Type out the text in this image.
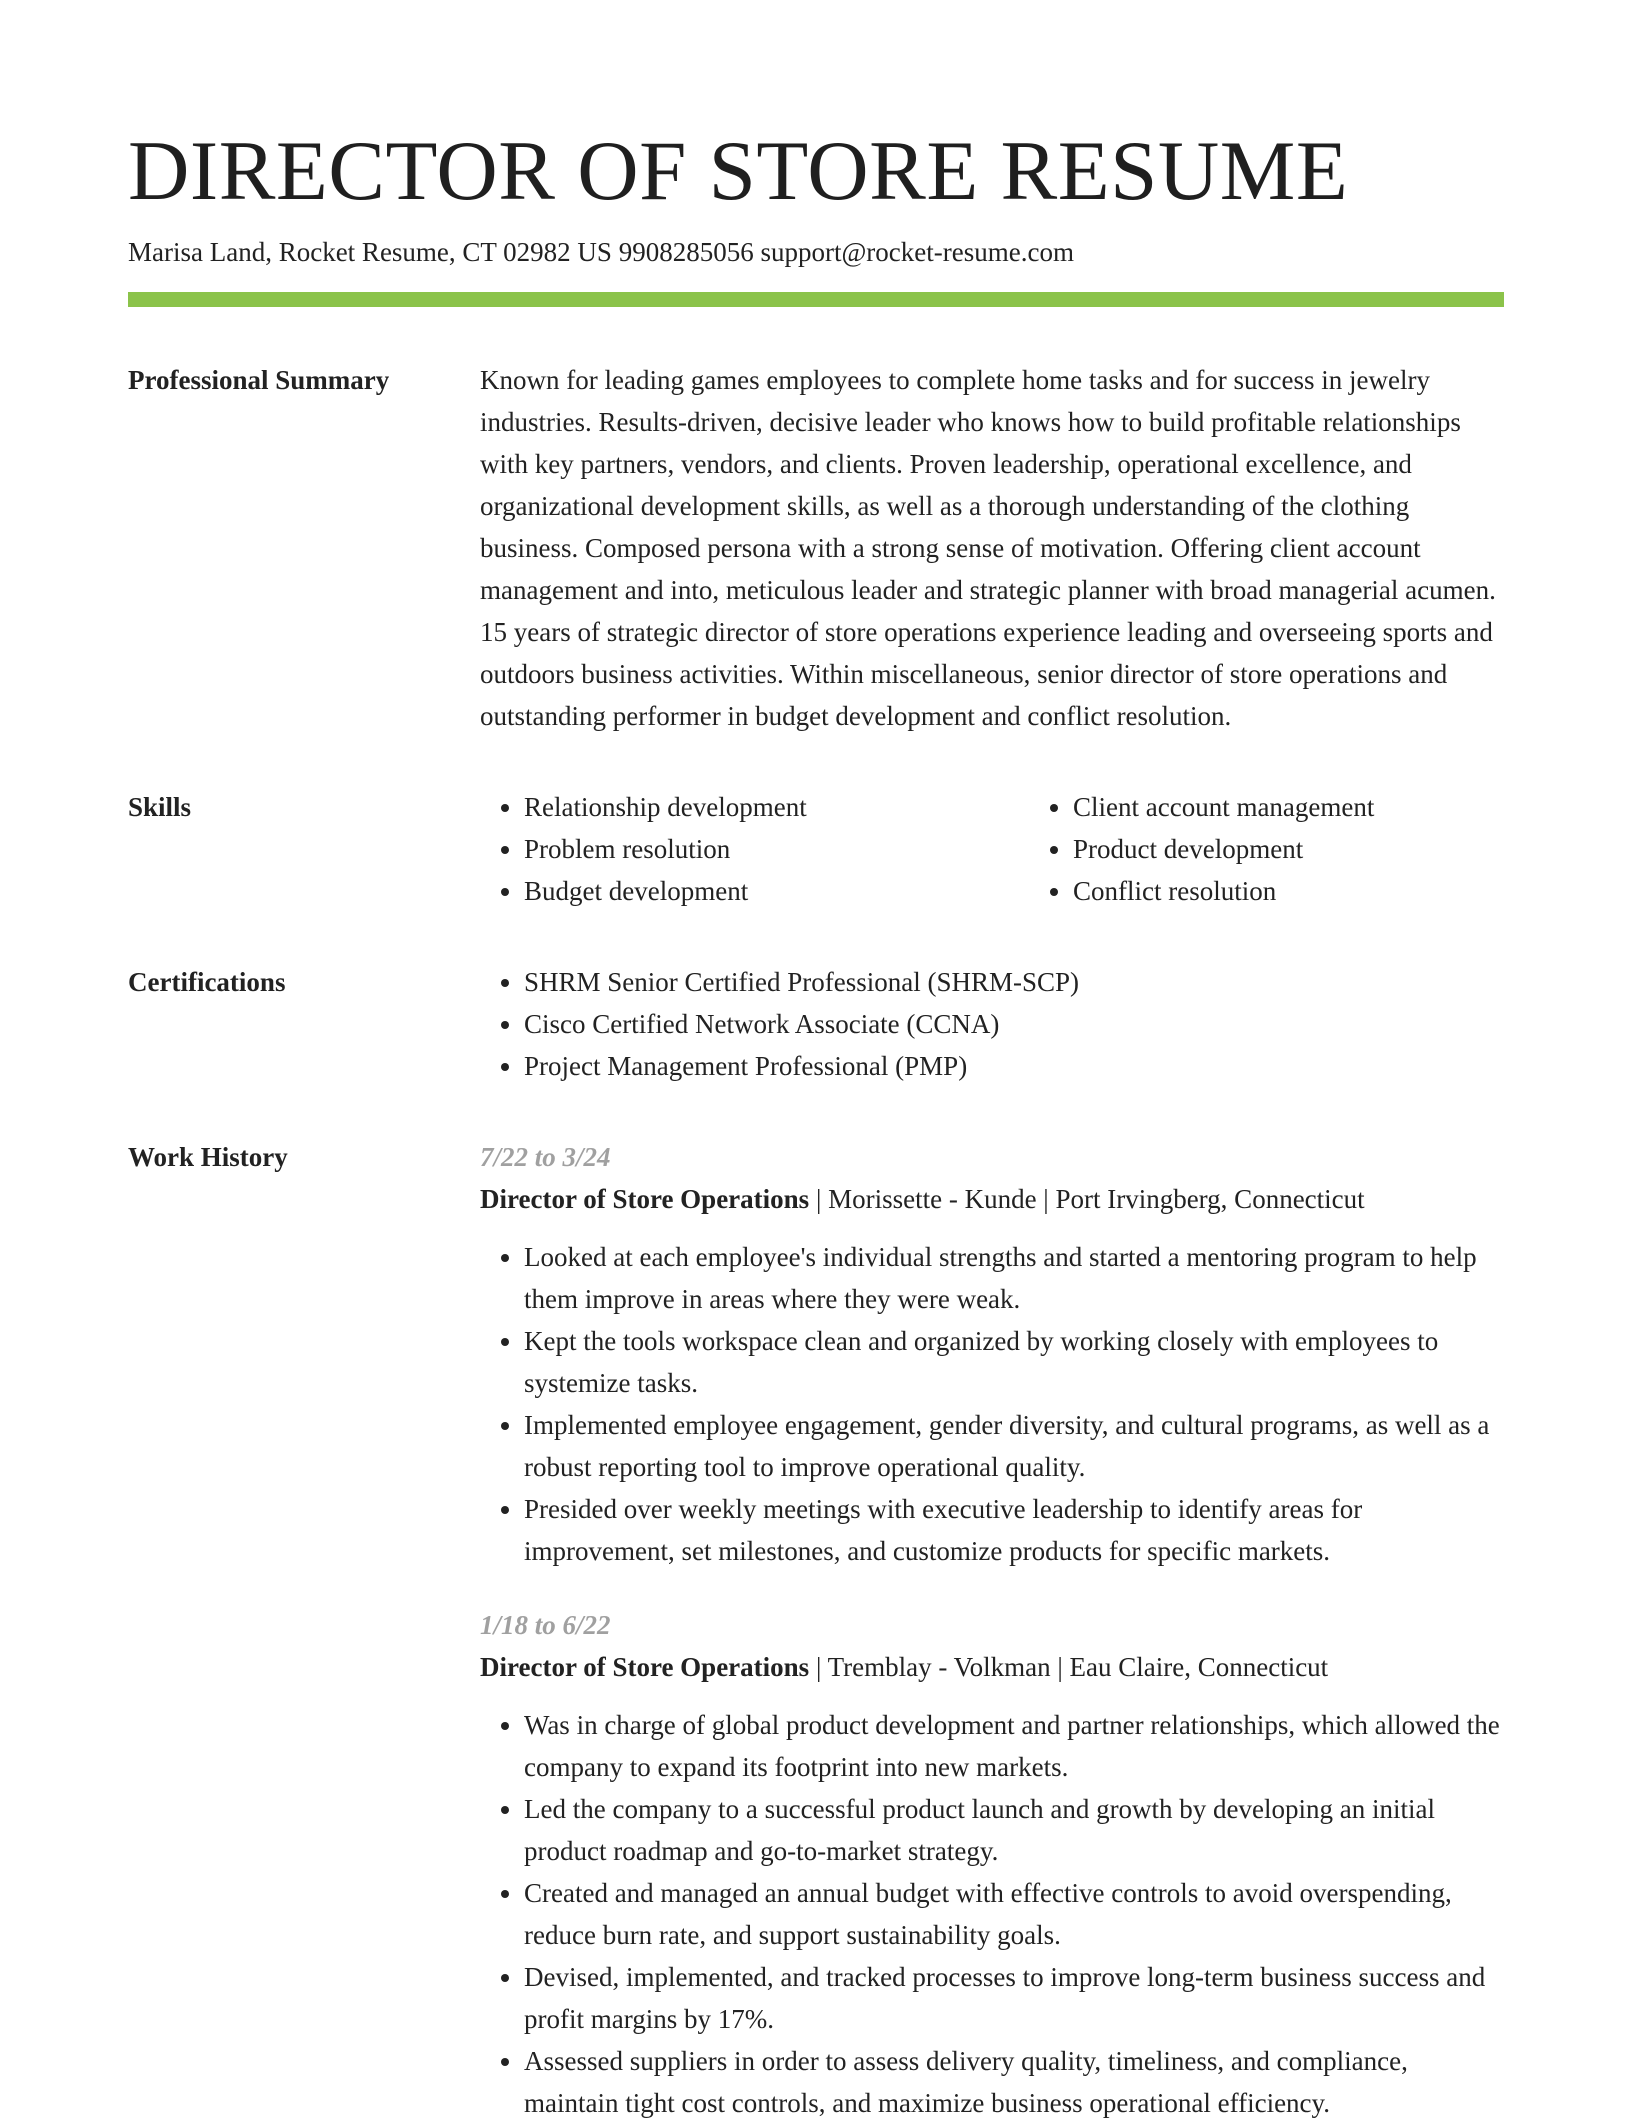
DIRECTOR OF STORE RESUME
Marisa Land, Rocket Resume, CT 02982 US 9908285056 support@rocket-resume.com
Professional Summary	Known for leading games employees to complete home tasks and for success in jewelry industries. Results-driven, decisive leader who knows how to build profitable relationships with key partners, vendors, and clients. Proven leadership, operational excellence, and organizational development skills, as well as a thorough understanding of the clothing business. Composed persona with a strong sense of motivation. Offering client account management and into, meticulous leader and strategic planner with broad managerial acumen. 15 years of strategic director of store operations experience leading and overseeing sports and outdoors business activities. Within miscellaneous, senior director of store operations and outstanding performer in budget development and conflict resolution.

Skills	• Relationship development
• Problem resolution
• Budget development
• Client account management
• Product development
• Conflict resolution
Certifications	• SHRM Senior Certified Professional (SHRM-SCP)
• Cisco Certified Network Associate (CCNA)
• Project Management Professional (PMP)
Work History	7/22 to 3/24
Director of Store Operations | Morissette - Kunde | Port Irvingberg, Connecticut
• Looked at each employee's individual strengths and started a mentoring program to help them improve in areas where they were weak.
• Kept the tools workspace clean and organized by working closely with employees to systemize tasks.
• Implemented employee engagement, gender diversity, and cultural programs, as well as a robust reporting tool to improve operational quality.
• Presided over weekly meetings with executive leadership to identify areas for improvement, set milestones, and customize products for specific markets.
1/18 to 6/22
Director of Store Operations | Tremblay - Volkman | Eau Claire, Connecticut
• Was in charge of global product development and partner relationships, which allowed the company to expand its footprint into new markets.
• Led the company to a successful product launch and growth by developing an initial product roadmap and go-to-market strategy.
• Created and managed an annual budget with effective controls to avoid overspending, reduce burn rate, and support sustainability goals.
• Devised, implemented, and tracked processes to improve long-term business success and profit margins by 17%.
• Assessed suppliers in order to assess delivery quality, timeliness, and compliance, maintain tight cost controls, and maximize business operational efficiency.
